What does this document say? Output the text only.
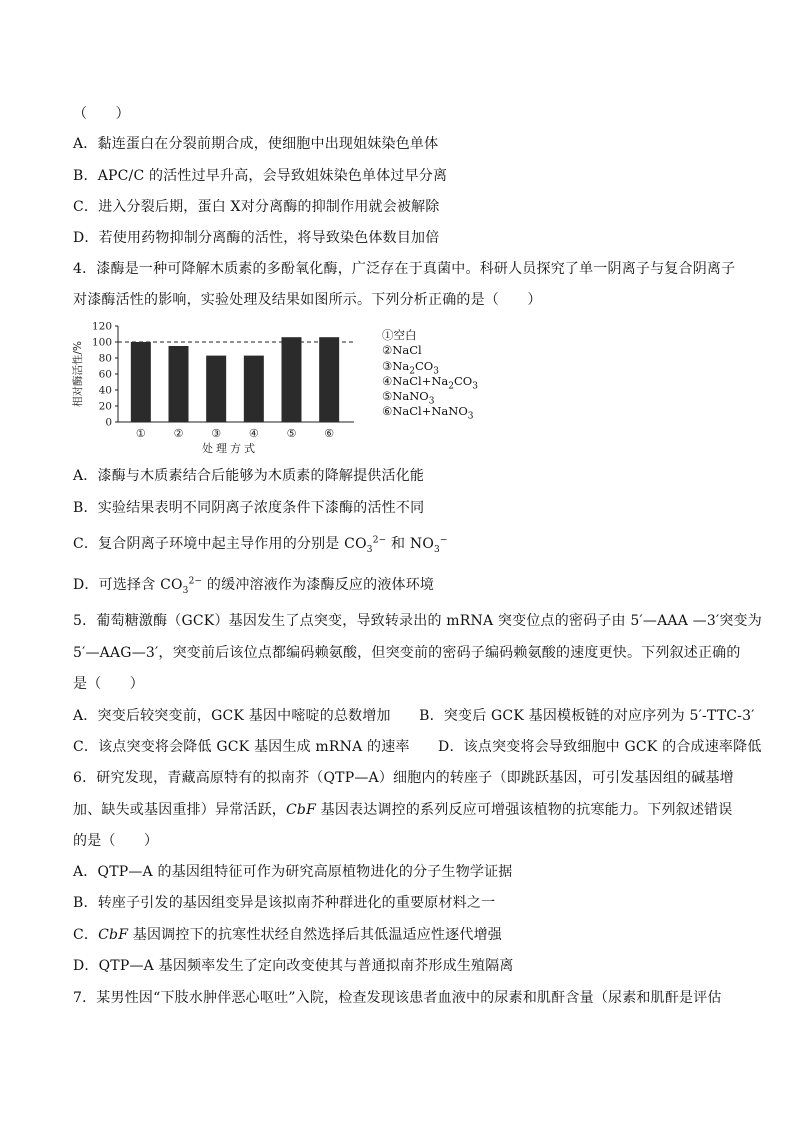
（　　）
A．黏连蛋白在分裂前期合成，使细胞中出现姐妹染色单体
B．APC/C 的活性过早升高，会导致姐妹染色单体过早分离
C．进入分裂后期，蛋白 X对分离酶的抑制作用就会被解除
D．若使用药物抑制分离酶的活性，将导致染色体数目加倍
4．漆酶是一种可降解木质素的多酚氧化酶，广泛存在于真菌中。科研人员探究了单一阴离子与复合阴离子
对漆酶活性的影响，实验处理及结果如图所示。下列分析正确的是（　　）
A．漆酶与木质素结合后能够为木质素的降解提供活化能
B．实验结果表明不同阴离子浓度条件下漆酶的活性不同
C．复合阴离子环境中起主导作用的分别是 $CO_3^{2-}$ 和 $NO_3^-$
D．可选择含 $CO_3^{2-}$ 的缓冲溶液作为漆酶反应的液体环境
5．葡萄糖激酶（GCK）基因发生了点突变，导致转录出的 mRNA 突变位点的密码子由 5′—AAA —3′突变为
5′—AAG—3′，突变前后该位点都编码赖氨酸，但突变前的密码子编码赖氨酸的速度更快。下列叙述正确的
是（　　）
A．突变后较突变前，GCK 基因中嘧啶的总数增加　　B．突变后 GCK 基因模板链的对应序列为 5′-TTC-3′
C．该点突变将会降低 GCK 基因生成 mRNA 的速率　　D．该点突变将会导致细胞中 GCK 的合成速率降低
6．研究发现，青藏高原特有的拟南芥（QTP—A）细胞内的转座子（即跳跃基因，可引发基因组的碱基增
加、缺失或基因重排）异常活跃，CbF 基因表达调控的系列反应可增强该植物的抗寒能力。下列叙述错误
的是（　　）
A．QTP—A 的基因组特征可作为研究高原植物进化的分子生物学证据
B．转座子引发的基因组变异是该拟南芥种群进化的重要原材料之一
C．CbF 基因调控下的抗寒性状经自然选择后其低温适应性逐代增强
D．QTP—A 基因频率发生了定向改变使其与普通拟南芥形成生殖隔离
7．某男性因“下肢水肿伴恶心呕吐”入院，检查发现该患者血液中的尿素和肌酐含量（尿素和肌酐是评估
0
20
40
60
80
100
120
①	②	③	④	⑤	⑥
相对酶活性/%
处理方式
①空白
②NaCl
$③Na_2CO_3$
$④NaCl+Na_2CO_3$
⑤NaNO$_3$
⑥NaCl+NaNO$_3$
